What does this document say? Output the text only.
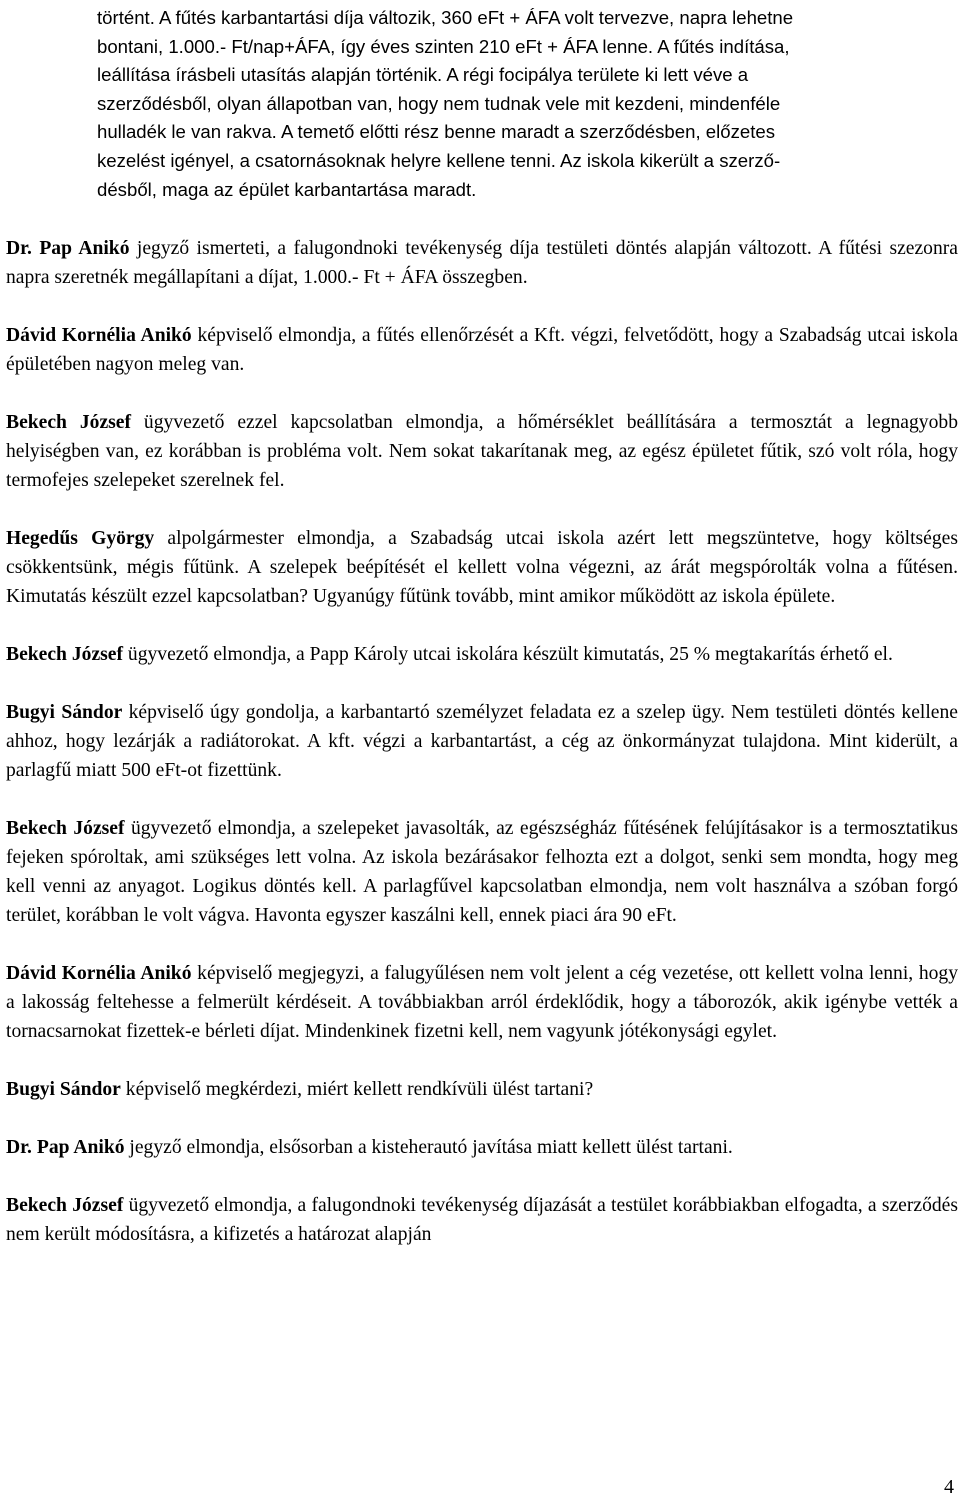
történt. A fűtés karbantartási díja változik, 360 eFt + ÁFA volt tervezve, napra lehetne

bontani, 1.000.- Ft/nap+ÁFA, így éves szinten 210 eFt + ÁFA lenne. A fűtés indítása,

leállítása írásbeli utasítás alapján történik. A régi focipálya területe ki lett véve a

szerződésből, olyan állapotban van, hogy nem tudnak vele mit kezdeni, mindenféle

hulladék le van rakva. A temető előtti rész benne maradt a szerződésben, előzetes

kezelést igényel, a csatornásoknak helyre kellene tenni. Az iskola kikerült a szerző-

désből, maga az épület karbantartása maradt.

Dr. Pap Anikó jegyző ismerteti, a falugondnoki tevékenység díja testületi döntés alapján változott. A fűtési szezonra napra szeretnék megállapítani a díjat, 1.000.- Ft + ÁFA összegben.

Dávid Kornélia Anikó képviselő elmondja, a fűtés ellenőrzését a Kft. végzi, felvetődött, hogy a Szabadság utcai iskola épületében nagyon meleg van.

Bekech József ügyvezető ezzel kapcsolatban elmondja, a hőmérséklet beállítására a termosztát a legnagyobb helyiségben van, ez korábban is probléma volt. Nem sokat takarítanak meg, az egész épületet fűtik, szó volt róla, hogy termofejes szelepeket szerelnek fel.

Hegedűs György alpolgármester elmondja, a Szabadság utcai iskola azért lett megszüntetve, hogy költséges csökkentsünk, mégis fűtünk. A szelepek beépítését el kellett volna végezni, az árát megspórolták volna a fűtésen. Kimutatás készült ezzel kapcsolatban? Ugyanúgy fűtünk tovább, mint amikor működött az iskola épülete.

Bekech József ügyvezető elmondja, a Papp Károly utcai iskolára készült kimutatás, 25 % megtakarítás érhető el.

Bugyi Sándor képviselő úgy gondolja, a karbantartó személyzet feladata ez a szelep ügy. Nem testületi döntés kellene ahhoz, hogy lezárják a radiátorokat. A kft. végzi a karbantartást, a cég az önkormányzat tulajdona. Mint kiderült, a parlagfű miatt 500 eFt-ot fizettünk.

Bekech József ügyvezető elmondja, a szelepeket javasolták, az egészségház fűtésének felújításakor is a termosztatikus fejeken spóroltak, ami szükséges lett volna. Az iskola bezárásakor felhozta ezt a dolgot, senki sem mondta, hogy meg kell venni az anyagot. Logikus döntés kell. A parlagfűvel kapcsolatban elmondja, nem volt használva a szóban forgó terület, korábban le volt vágva. Havonta egyszer kaszálni kell, ennek piaci ára 90 eFt.

Dávid Kornélia Anikó képviselő megjegyzi, a falugyűlésen nem volt jelent a cég vezetése, ott kellett volna lenni, hogy a lakosság feltehesse a felmerült kérdéseit. A továbbiakban arról érdeklődik, hogy a táborozók, akik igénybe vették a tornacsarnokat fizettek-e bérleti díjat. Mindenkinek fizetni kell, nem vagyunk jótékonysági egylet.

Bugyi Sándor képviselő megkérdezi, miért kellett rendkívüli ülést tartani?

Dr. Pap Anikó jegyző elmondja, elsősorban a kisteherautó javítása miatt kellett ülést tartani.

Bekech József ügyvezető elmondja, a falugondnoki tevékenység díjazását a testület korábbiakban elfogadta, a szerződés nem került módosításra, a kifizetés a határozat alapján

4
